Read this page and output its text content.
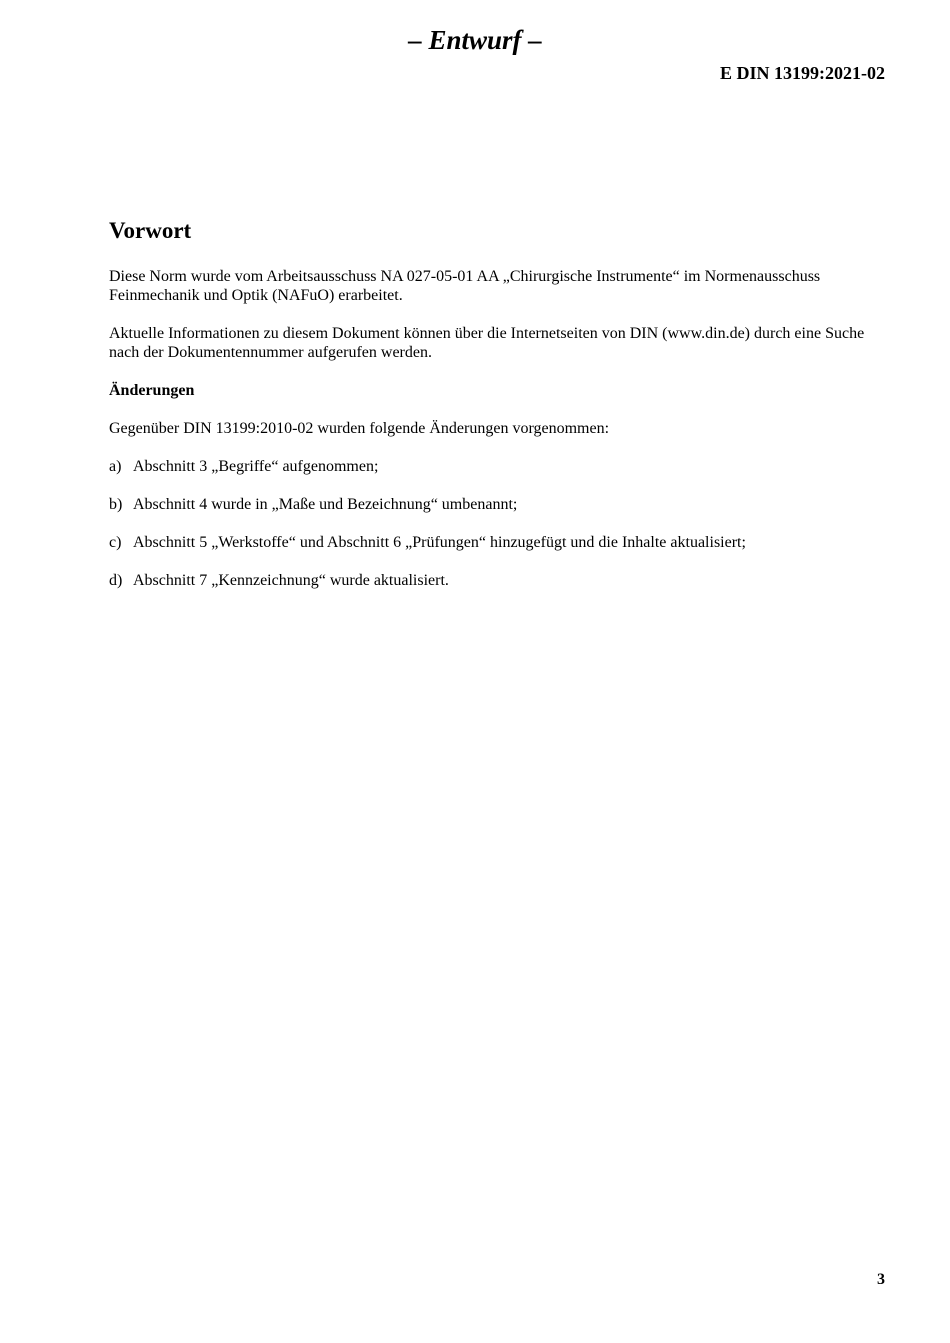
– Entwurf –
E DIN 13199:2021-02
Vorwort

Diese Norm wurde vom Arbeitsausschuss NA 027-05-01 AA „Chirurgische Instrumente“ im Normenausschuss Feinmechanik und Optik (NAFuO) erarbeitet.

Aktuelle Informationen zu diesem Dokument können über die Internetseiten von DIN (www.din.de) durch eine Suche nach der Dokumentennummer aufgerufen werden.

Änderungen

Gegenüber DIN 13199:2010-02 wurden folgende Änderungen vorgenommen:

a) Abschnitt 3 „Begriffe“ aufgenommen;
b) Abschnitt 4 wurde in „Maße und Bezeichnung“ umbenannt;
c) Abschnitt 5 „Werkstoffe“ und Abschnitt 6 „Prüfungen“ hinzugefügt und die Inhalte aktualisiert;
d) Abschnitt 7 „Kennzeichnung“ wurde aktualisiert.
3
